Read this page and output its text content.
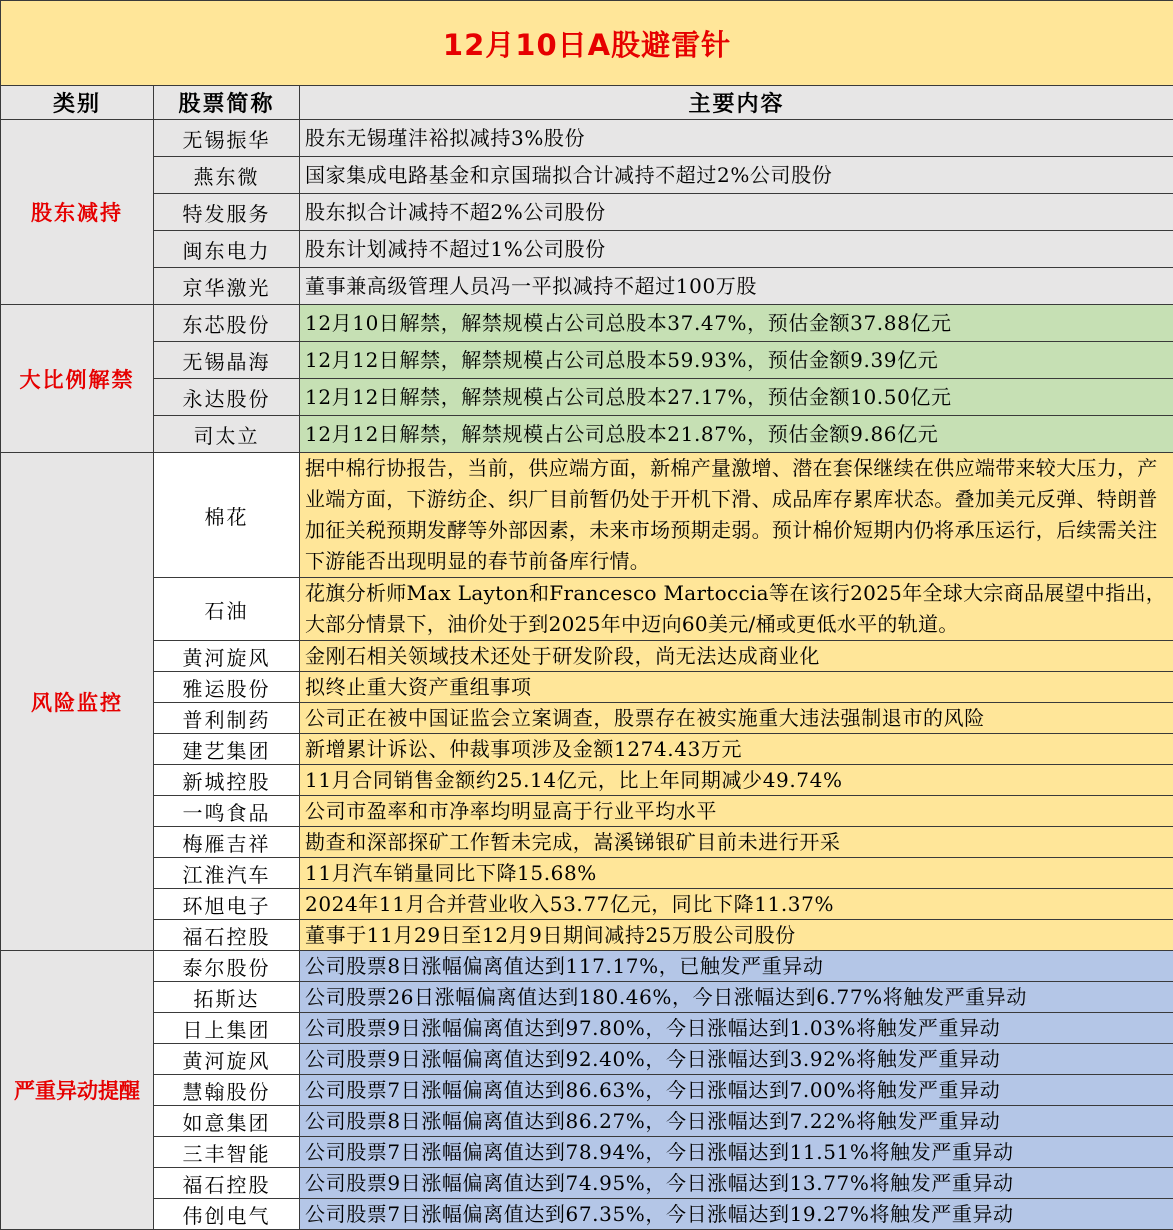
12月10日A股避雷针		
类别	股票简称	主要内容
股东减持	无锡振华	股东无锡瑾沣裕拟减持3%股份
	燕东微	国家集成电路基金和京国瑞拟合计减持不超过2%公司股份
	特发服务	股东拟合计减持不超2%公司股份
	闽东电力	股东计划减持不超过1%公司股份
	京华激光	董事兼高级管理人员冯一平拟减持不超过100万股
大比例解禁	东芯股份	12月10日解禁，解禁规模占公司总股本37.47%，预估金额37.88亿元
	无锡晶海	12月12日解禁，解禁规模占公司总股本59.93%，预估金额9.39亿元
	永达股份	12月12日解禁，解禁规模占公司总股本27.17%，预估金额10.50亿元
	司太立	12月12日解禁，解禁规模占公司总股本21.87%，预估金额9.86亿元
风险监控	棉花	据中棉行协报告，当前，供应端方面，新棉产量激增、潜在套保继续在供应端带来较大压力，产业端方面，下游纺企、织厂目前暂仍处于开机下滑、成品库存累库状态。叠加美元反弹、特朗普加征关税预期发酵等外部因素，未来市场预期走弱。预计棉价短期内仍将承压运行，后续需关注下游能否出现明显的春节前备库行情。
	石油	花旗分析师Max Layton和Francesco Martoccia等在该行2025年全球大宗商品展望中指出，大部分情景下，油价处于到2025年中迈向60美元/桶或更低水平的轨道。
	黄河旋风	金刚石相关领域技术还处于研发阶段，尚无法达成商业化
	雅运股份	拟终止重大资产重组事项
	普利制药	公司正在被中国证监会立案调查，股票存在被实施重大违法强制退市的风险
	建艺集团	新增累计诉讼、仲裁事项涉及金额1274.43万元
	新城控股	11月合同销售金额约25.14亿元，比上年同期减少49.74%
	一鸣食品	公司市盈率和市净率均明显高于行业平均水平
	梅雁吉祥	勘查和深部探矿工作暂未完成，嵩溪锑银矿目前未进行开采
	江淮汽车	11月汽车销量同比下降15.68%
	环旭电子	2024年11月合并营业收入53.77亿元，同比下降11.37%
	福石控股	董事于11月29日至12月9日期间减持25万股公司股份
严重异动提醒	泰尔股份	公司股票8日涨幅偏离值达到117.17%，已触发严重异动
	拓斯达	公司股票26日涨幅偏离值达到180.46%，今日涨幅达到6.77%将触发严重异动
	日上集团	公司股票9日涨幅偏离值达到97.80%，今日涨幅达到1.03%将触发严重异动
	黄河旋风	公司股票9日涨幅偏离值达到92.40%，今日涨幅达到3.92%将触发严重异动
	慧翰股份	公司股票7日涨幅偏离值达到86.63%，今日涨幅达到7.00%将触发严重异动
	如意集团	公司股票8日涨幅偏离值达到86.27%，今日涨幅达到7.22%将触发严重异动
	三丰智能	公司股票7日涨幅偏离值达到78.94%，今日涨幅达到11.51%将触发严重异动
	福石控股	公司股票9日涨幅偏离值达到74.95%，今日涨幅达到13.77%将触发严重异动
	伟创电气	公司股票7日涨幅偏离值达到67.35%，今日涨幅达到19.27%将触发严重异动
